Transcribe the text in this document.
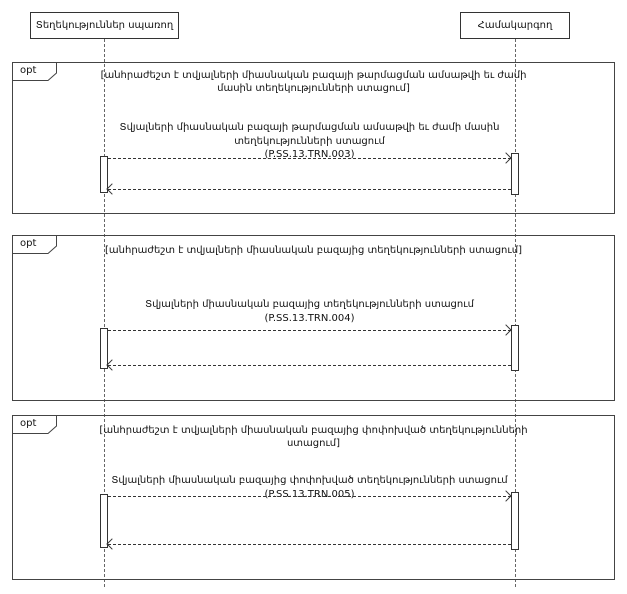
Տեղեկություններ սպառող	Համակարգող
opt	[անհրաժեշտ է տվյալների միասնական բազայի թարմացման ամսաթվի եւ ժամի մասին տեղեկությունների ստացում]
Տվյալների միասնական բազայի թարմացման ամսաթվի եւ ժամի մասին տեղեկությունների ստացում
(P.SS.13.TRN.003)
opt
[անհրաժեշտ է տվյալների միասնական բազայից տեղեկությունների ստացում]
Տվյալների միասնական բազայից տեղեկությունների ստացում
(P.SS.13.TRN.004)
opt
[անհրաժեշտ է տվյալների միասնական բազայից փոփոխված տեղեկությունների ստացում]
Տվյալների միասնական բազայից փոփոխված տեղեկությունների ստացում (P.SS.13.TRN.005)
